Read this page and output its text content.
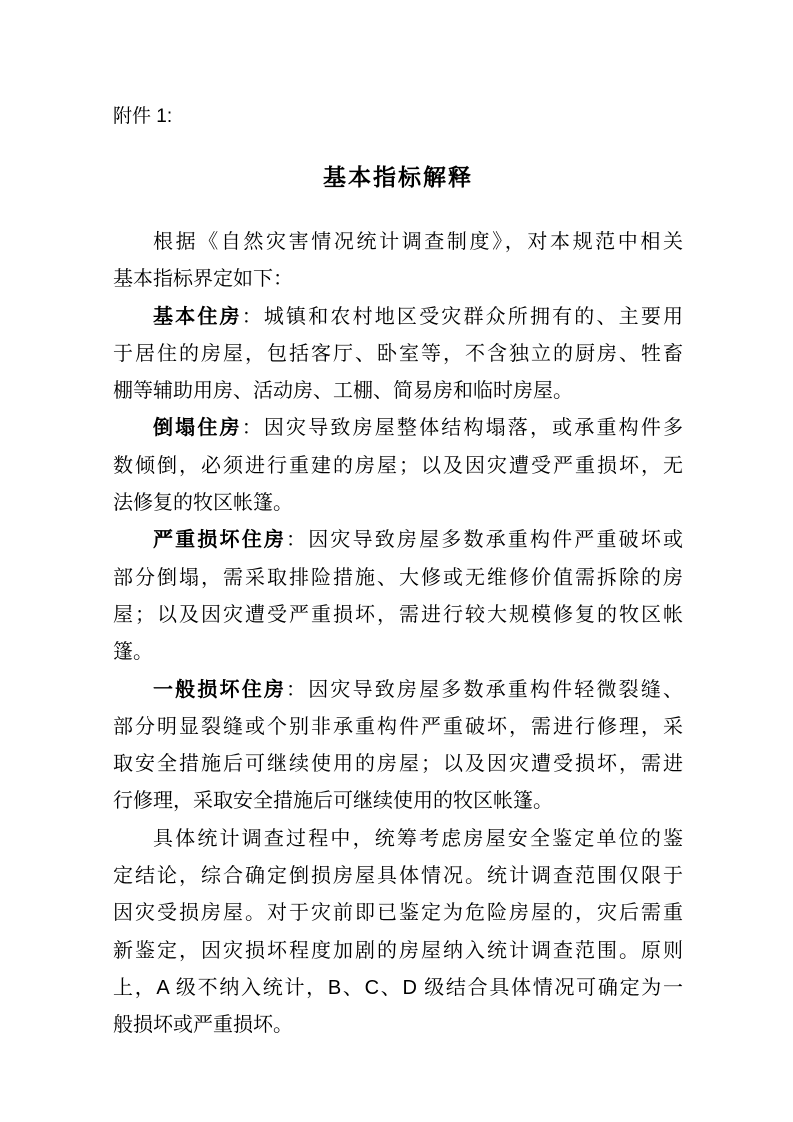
附件 1:
基本指标解释
根据《自然灾害情况统计调查制度》，对本规范中相关
基本指标界定如下：
基本住房：城镇和农村地区受灾群众所拥有的、主要用
于居住的房屋，包括客厅、卧室等，不含独立的厨房、牲畜
棚等辅助用房、活动房、工棚、简易房和临时房屋。
倒塌住房：因灾导致房屋整体结构塌落，或承重构件多
数倾倒，必须进行重建的房屋；以及因灾遭受严重损坏，无
法修复的牧区帐篷。
严重损坏住房：因灾导致房屋多数承重构件严重破坏或
部分倒塌，需采取排险措施、大修或无维修价值需拆除的房
屋；以及因灾遭受严重损坏，需进行较大规模修复的牧区帐
篷。
一般损坏住房：因灾导致房屋多数承重构件轻微裂缝、
部分明显裂缝或个别非承重构件严重破坏，需进行修理，采
取安全措施后可继续使用的房屋；以及因灾遭受损坏，需进
行修理，采取安全措施后可继续使用的牧区帐篷。
具体统计调查过程中，统筹考虑房屋安全鉴定单位的鉴
定结论，综合确定倒损房屋具体情况。统计调查范围仅限于
因灾受损房屋。对于灾前即已鉴定为危险房屋的，灾后需重
新鉴定，因灾损坏程度加剧的房屋纳入统计调查范围。原则
上，A 级不纳入统计，B、C、D 级结合具体情况可确定为一
般损坏或严重损坏。
